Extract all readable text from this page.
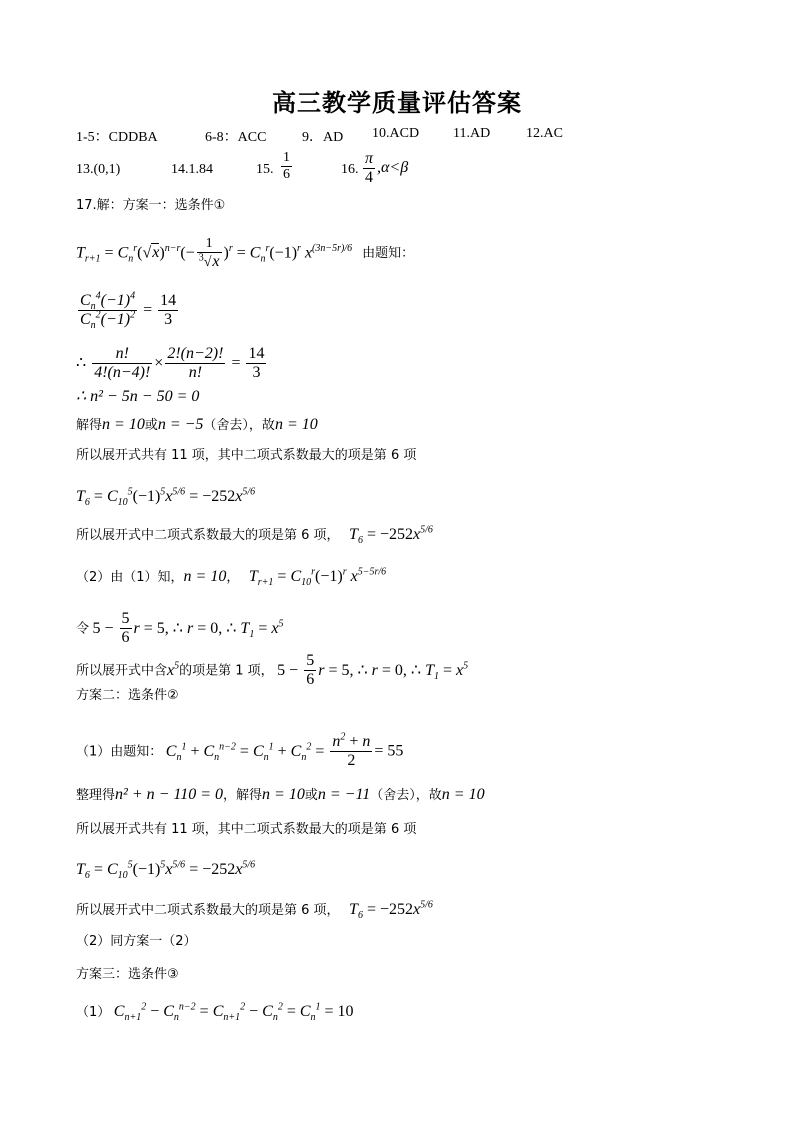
高三教学质量评估答案
1-5：CDDBA	6-8：ACC	9．AD 10.ACD 11.AD	12.AC
13.(0,1)	14.1.84	15. $\frac{1}{6}$	16. $\frac{\pi}{4} ,\alpha<\beta$
17.解：方案一：选条件①
$T_{r+1} = C_n^r(√x)^{n-r}(- \frac{1}{^3√x} )^r = C_n^r(-1)^r$ $x^{(3n-5r)/6}$ 由题知：
$\frac{C_n^4(-1)^4}{C_n^2(-1)^2} = \frac{14}{3}$
∴ $\frac{n!}{4!(n-4)!} \times \frac{2!(n-2)!}{n!} = \frac{14}{3}$
∴ n² − 5n − 50 = 0
解得n = 10或n = −5（舍去），故n = 10
所以展开式共有 11 项，其中二项式系数最大的项是第 6 项
$T_6 = C_{10}^5(-1)^5x^{5/6} = -252x^{5/6}$
所以展开式中二项式系数最大的项是第 6 项， $T_6 = -252x^{5/6}$
（2）由（1）知，n = 10， $T_{r+1} = C_{10}^r(-1)^r$ $x^{5-5r/6}$
令 $5 - \frac{5}{6}$ r = 5, ∴ r = 0, ∴ $T_1 = x^5$
所以展开式中含$x^5$的项是第 1 项， $5 - \frac{5}{6}$ r = 5, ∴ r = 0, ∴ $T_1 = x^5$
方案二：选条件②
（1）由题知： $C_n^1 + C_n^{n-2} = C_n^1 + C_n^2 = \frac{n^2 + n}{2} = 55$
整理得n² + n − 110 = 0，解得n = 10或n = −11（舍去），故n = 10
所以展开式共有 11 项，其中二项式系数最大的项是第 6 项
$T_6 = C_{10}^5(-1)^5x^{5/6} = -252x^{5/6}$
所以展开式中二项式系数最大的项是第 6 项， $T_6 = -252x^{5/6}$
（2）同方案一（2）
方案三：选条件③
（1） $C_{n+1}^2 - C_n^{n-2} = C_{n+1}^2 - C_n^2 = C_n^1 = 10$
